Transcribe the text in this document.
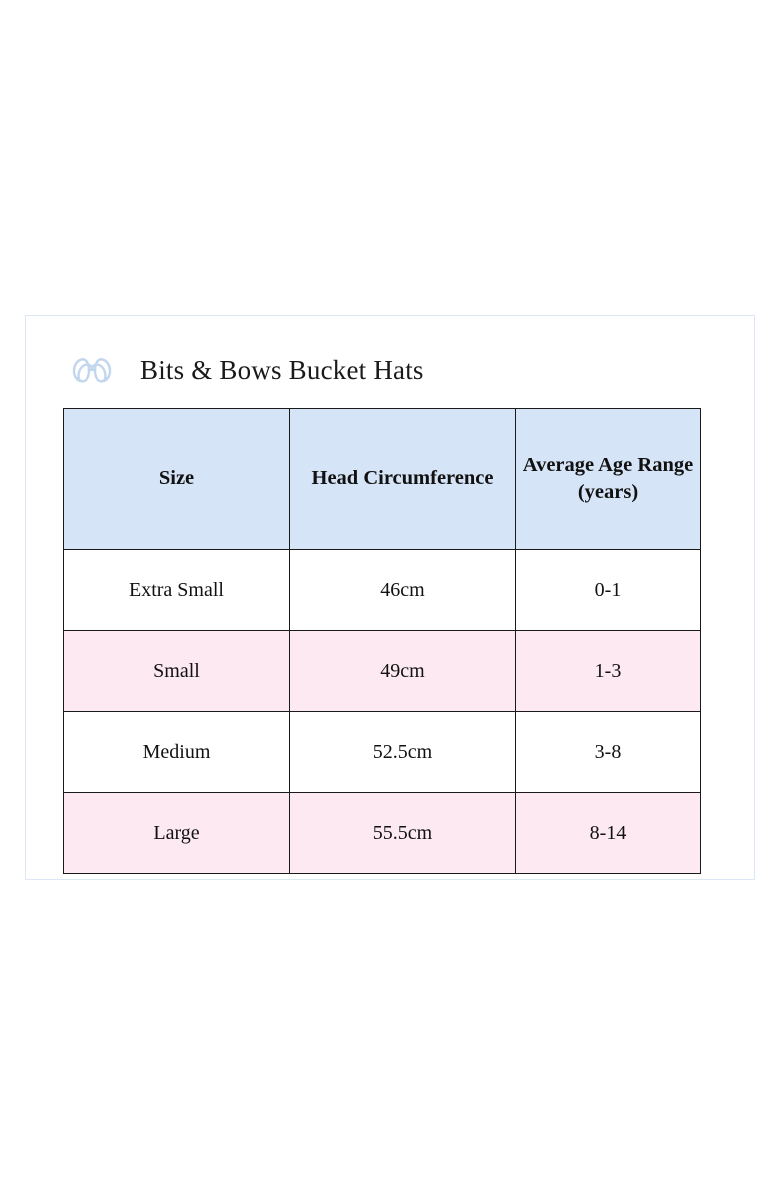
Bits & Bows Bucket Hats
Size	Head Circumference	Average Age Range (years)
Extra Small	46cm	0-1
Small	49cm	1-3
Medium	52.5cm	3-8
Large	55.5cm	8-14
